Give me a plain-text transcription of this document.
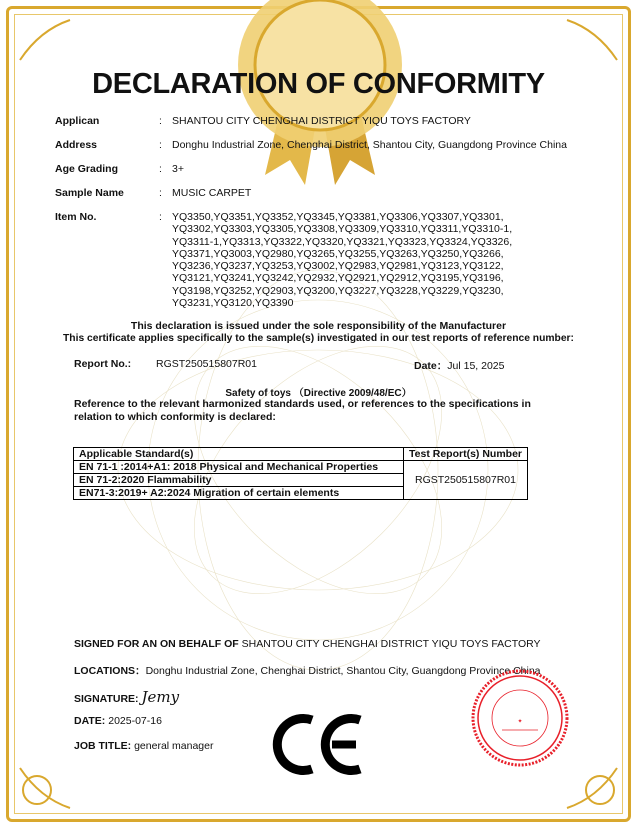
DECLARATION OF CONFORMITY
Applican	: SHANTOU CITY CHENGHAI DISTRICT YIQU TOYS FACTORY
Address	: Donghu Industrial Zone, Chenghai District, Shantou City, Guangdong Province China
Age Grading	: 3+
Sample Name	: MUSIC CARPET
Item No.	: YQ3350,YQ3351,YQ3352,YQ3345,YQ3381,YQ3306,YQ3307,YQ3301,
YQ3302,YQ3303,YQ3305,YQ3308,YQ3309,YQ3310,YQ3311,YQ3310-1,
YQ3311-1,YQ3313,YQ3322,YQ3320,YQ3321,YQ3323,YQ3324,YQ3326,
YQ3371,YQ3003,YQ2980,YQ3265,YQ3255,YQ3263,YQ3250,YQ3266,
YQ3236,YQ3237,YQ3253,YQ3002,YQ2983,YQ2981,YQ3123,YQ3122,
YQ3121,YQ3241,YQ3242,YQ2932,YQ2921,YQ2912,YQ3195,YQ3196,
YQ3198,YQ3252,YQ2903,YQ3200,YQ3227,YQ3228,YQ3229,YQ3230,
YQ3231,YQ3120,YQ3390
This declaration is issued under the sole responsibility of the Manufacturer
This certificate applies specifically to the sample(s) investigated in our test reports of reference number:
Report No.: RGST250515807R01	Date：Jul 15, 2025
Safety of toys （Directive 2009/48/EC）
Reference to the relevant harmonized standards used, or references to the specifications in relation to which conformity is declared:
Applicable Standard(s)	Test Report(s) Number
EN 71-1 :2014+A1: 2018 Physical and Mechanical Properties	RGST250515807R01
EN 71-2:2020 Flammability	
EN71-3:2019+ A2:2024 Migration of certain elements	
SIGNED FOR AN ON BEHALF OF SHANTOU CITY CHENGHAI DISTRICT YIQU TOYS FACTORY
LOCATIONS：Donghu Industrial Zone, Chenghai District, Shantou City, Guangdong Province China
SIGNATURE: Jemy
DATE: 2025-07-16
JOB TITLE: general manager
✦
